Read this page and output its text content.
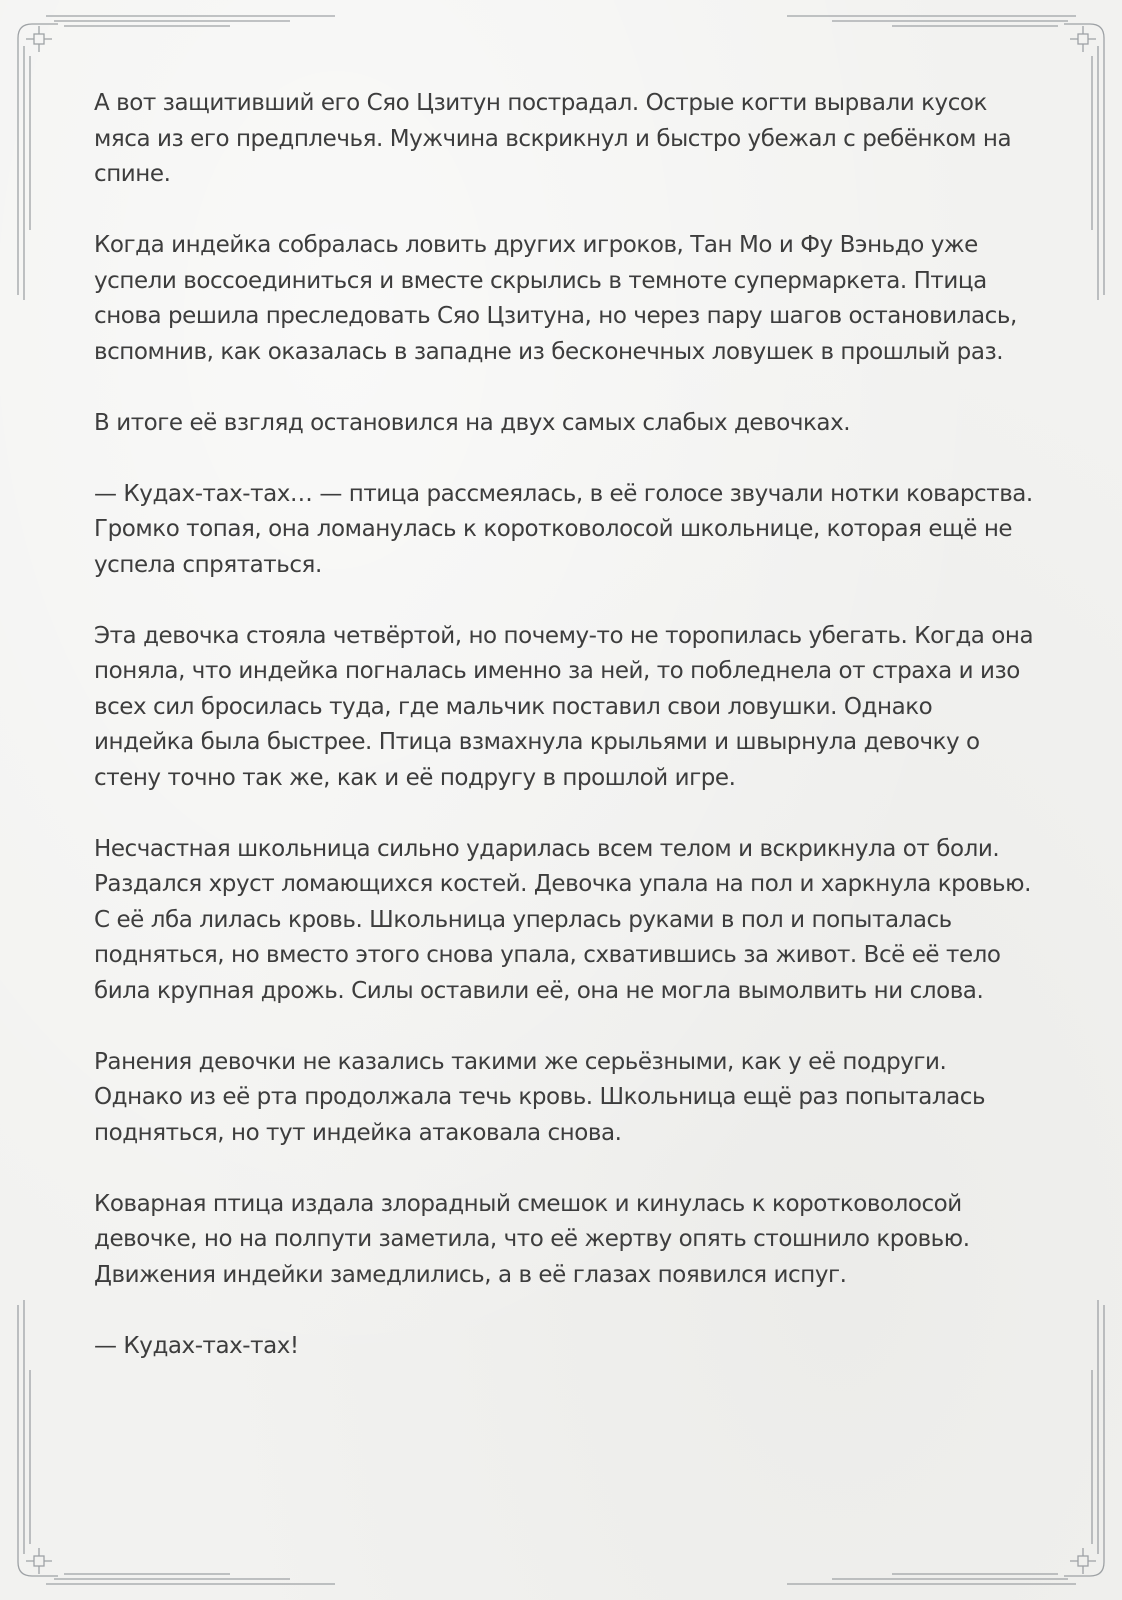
А вот защитивший его Сяо Цзитун пострадал. Острые когти вырвали кусок мяса из его предплечья. Мужчина вскрикнул и быстро убежал с ребёнком на спине.

Когда индейка собралась ловить других игроков, Тан Мо и Фу Вэньдо уже успели воссоединиться и вместе скрылись в темноте супермаркета. Птица снова решила преследовать Сяо Цзитуна, но через пару шагов остановилась, вспомнив, как оказалась в западне из бесконечных ловушек в прошлый раз.

В итоге её взгляд остановился на двух самых слабых девочках.

— Кудах-тах-тах… — птица рассмеялась, в её голосе звучали нотки коварства. Громко топая, она ломанулась к коротковолосой школьнице, которая ещё не успела спрятаться.

Эта девочка стояла четвёртой, но почему-то не торопилась убегать. Когда она поняла, что индейка погналась именно за ней, то побледнела от страха и изо всех сил бросилась туда, где мальчик поставил свои ловушки. Однако индейка была быстрее. Птица взмахнула крыльями и швырнула девочку о стену точно так же, как и её подругу в прошлой игре.

Несчастная школьница сильно ударилась всем телом и вскрикнула от боли. Раздался хруст ломающихся костей. Девочка упала на пол и харкнула кровью. С её лба лилась кровь. Школьница уперлась руками в пол и попыталась подняться, но вместо этого снова упала, схватившись за живот. Всё её тело била крупная дрожь. Силы оставили её, она не могла вымолвить ни слова.

Ранения девочки не казались такими же серьёзными, как у её подруги. Однако из её рта продолжала течь кровь. Школьница ещё раз попыталась подняться, но тут индейка атаковала снова.

Коварная птица издала злорадный смешок и кинулась к коротковолосой девочке, но на полпути заметила, что её жертву опять стошнило кровью. Движения индейки замедлились, а в её глазах появился испуг.

— Кудах-тах-тах!
